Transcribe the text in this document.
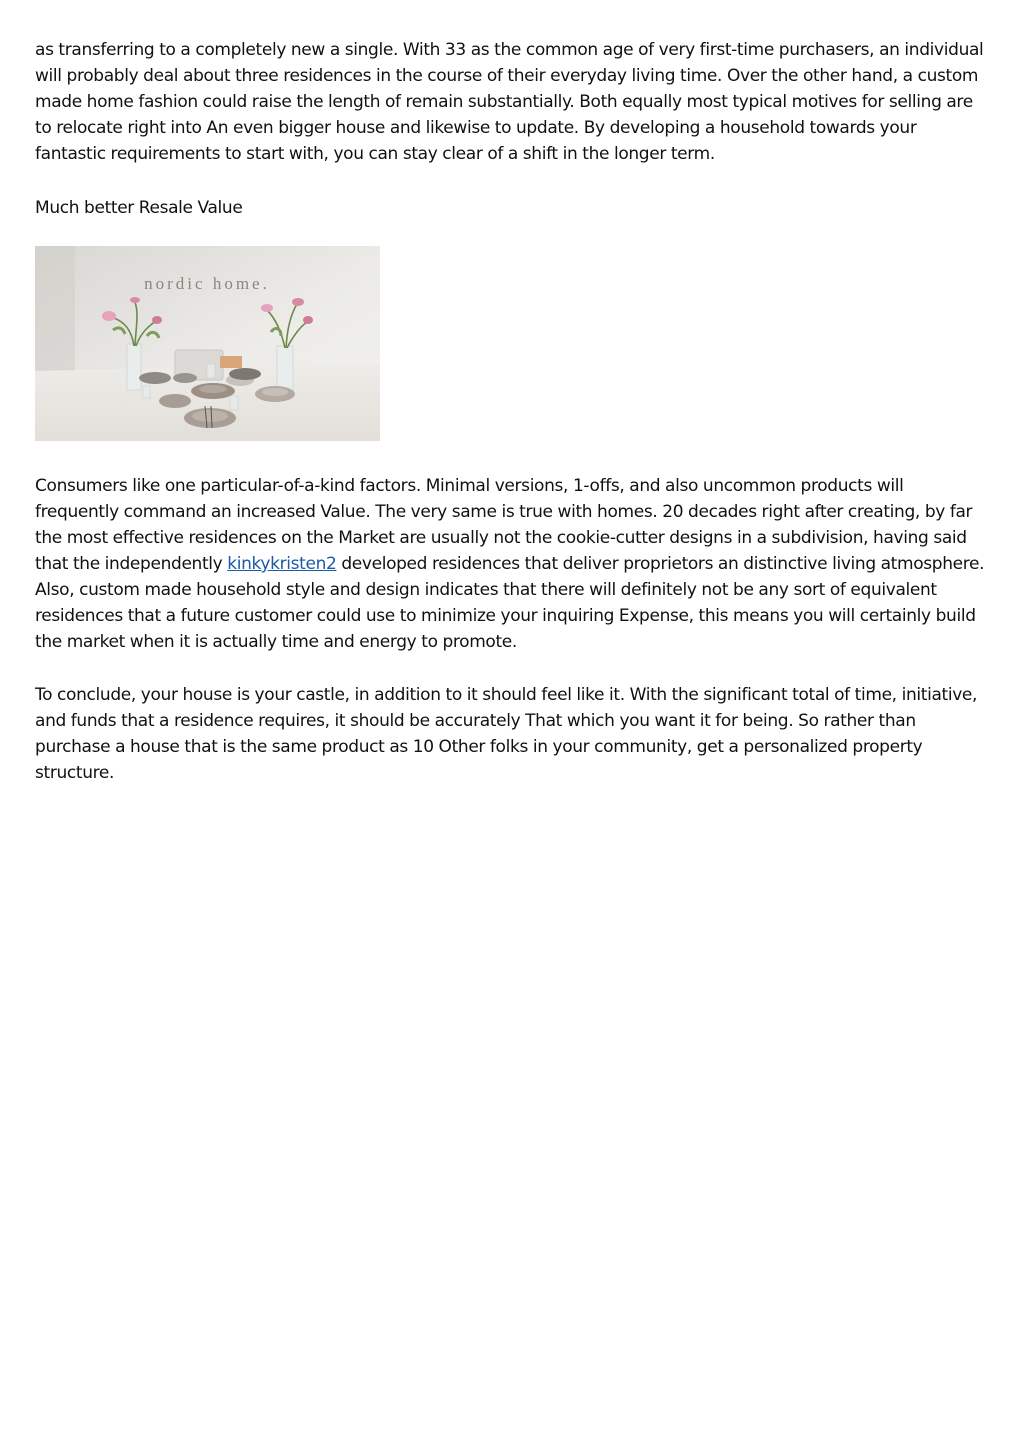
as transferring to a completely new a single. With 33 as the common age of very first-time purchasers, an individual will probably deal about three residences in the course of their everyday living time. Over the other hand, a custom made home fashion could raise the length of remain substantially. Both equally most typical motives for selling are to relocate right into An even bigger house and likewise to update. By developing a household towards your fantastic requirements to start with, you can stay clear of a shift in the longer term.

Much better Resale Value

nordic home.

Consumers like one particular-of-a-kind factors. Minimal versions, 1-offs, and also uncommon products will frequently command an increased Value. The very same is true with homes. 20 decades right after creating, by far the most effective residences on the Market are usually not the cookie-cutter designs in a subdivision, having said that the independently kinkykristen2 developed residences that deliver proprietors an distinctive living atmosphere. Also, custom made household style and design indicates that there will definitely not be any sort of equivalent residences that a future customer could use to minimize your inquiring Expense, this means you will certainly build the market when it is actually time and energy to promote.

To conclude, your house is your castle, in addition to it should feel like it. With the significant total of time, initiative, and funds that a residence requires, it should be accurately That which you want it for being. So rather than purchase a house that is the same product as 10 Other folks in your community, get a personalized property structure.
